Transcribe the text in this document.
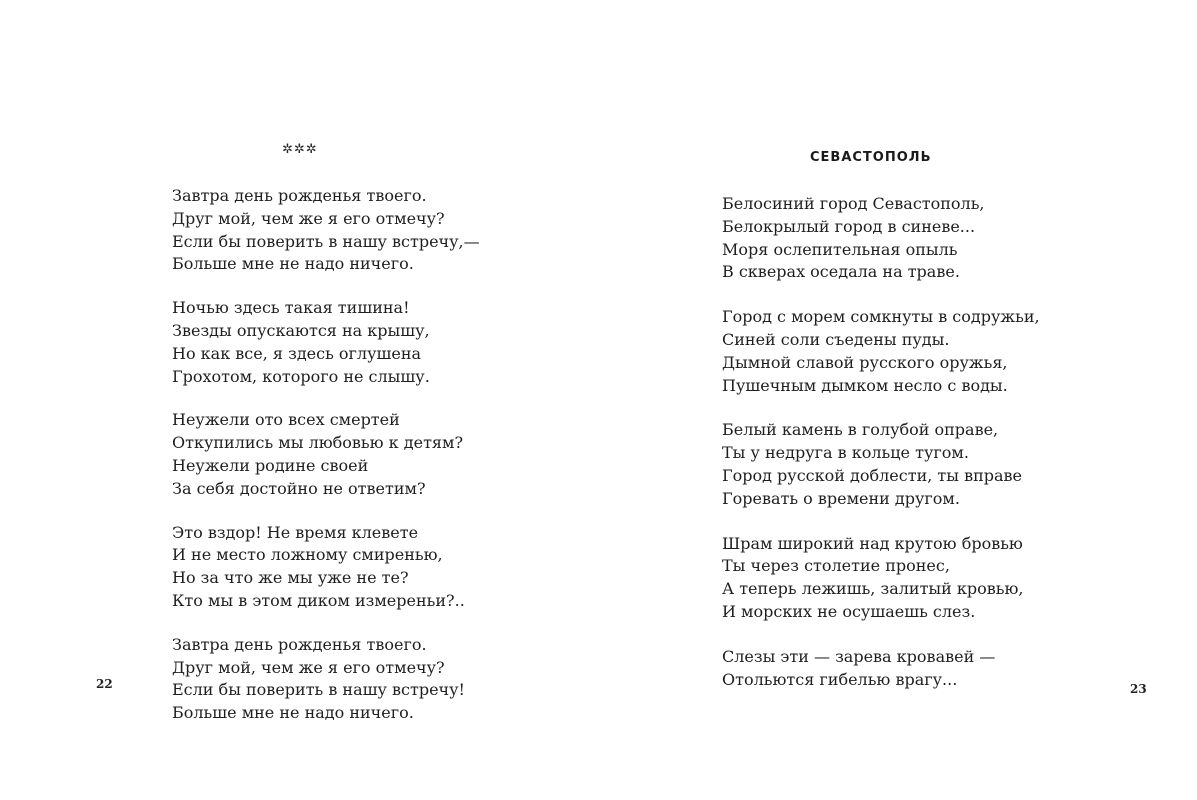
✲✲✲
Завтра день рожденья твоего.
Друг мой, чем же я его отмечу?
Если бы поверить в нашу встречу,—
Больше мне не надо ничего.
Ночью здесь такая тишина!
Звезды опускаются на крышу,
Но как все, я здесь оглушена
Грохотом, которого не слышу.
Неужели ото всех смертей
Откупились мы любовью к детям?
Неужели родине своей
За себя достойно не ответим?
Это вздор! Не время клевете
И не место ложному смиренью,
Но за что же мы уже не те?
Кто мы в этом диком измереньи?..
Завтра день рожденья твоего.
Друг мой, чем же я его отмечу?
Если бы поверить в нашу встречу!
Больше мне не надо ничего.
22
СЕВАСТОПОЛЬ
Белосиний город Севастополь,
Белокрылый город в синеве...
Моря ослепительная опыль
В скверах оседала на траве.
Город с морем сомкнуты в содружьи,
Синей соли съедены пуды.
Дымной славой русского оружья,
Пушечным дымком несло с воды.
Белый камень в голубой оправе,
Ты у недруга в кольце тугом.
Город русской доблести, ты вправе
Горевать о времени другом.
Шрам широкий над крутою бровью
Ты через столетие пронес,
А теперь лежишь, залитый кровью,
И морских не осушаешь слез.
Слезы эти — зарева кровавей —
Отольются гибелью врагу...
23
